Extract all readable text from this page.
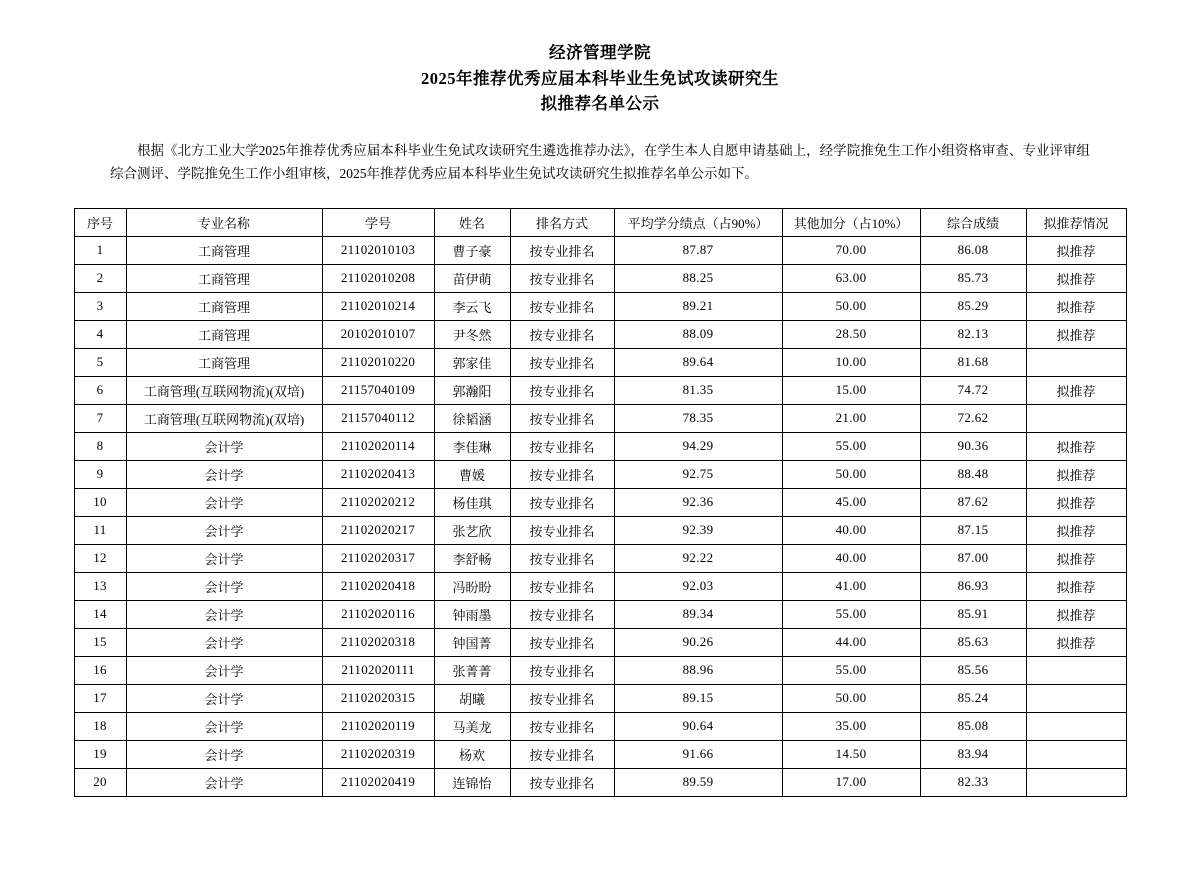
经济管理学院
2025年推荐优秀应届本科毕业生免试攻读研究生
拟推荐名单公示
根据《北方工业大学2025年推荐优秀应届本科毕业生免试攻读研究生遴选推荐办法》，在学生本人自愿申请基础上，经学院推免生工作小组资格审查、专业评审组综合测评、学院推免生工作小组审核，2025年推荐优秀应届本科毕业生免试攻读研究生拟推荐名单公示如下。
序号	专业名称	学号	姓名	排名方式	平均学分绩点（占90%）	其他加分（占10%）	综合成绩	拟推荐情况
1	工商管理	21102010103	曹子豪	按专业排名	87.87	70.00	86.08	拟推荐
2	工商管理	21102010208	苗伊萌	按专业排名	88.25	63.00	85.73	拟推荐
3	工商管理	21102010214	李云飞	按专业排名	89.21	50.00	85.29	拟推荐
4	工商管理	20102010107	尹冬然	按专业排名	88.09	28.50	82.13	拟推荐
5	工商管理	21102010220	郭家佳	按专业排名	89.64	10.00	81.68	
6	工商管理(互联网物流)(双培)	21157040109	郭瀚阳	按专业排名	81.35	15.00	74.72	拟推荐
7	工商管理(互联网物流)(双培)	21157040112	徐韬涵	按专业排名	78.35	21.00	72.62	
8	会计学	21102020114	李佳琳	按专业排名	94.29	55.00	90.36	拟推荐
9	会计学	21102020413	曹媛	按专业排名	92.75	50.00	88.48	拟推荐
10	会计学	21102020212	杨佳琪	按专业排名	92.36	45.00	87.62	拟推荐
11	会计学	21102020217	张艺欣	按专业排名	92.39	40.00	87.15	拟推荐
12	会计学	21102020317	李舒畅	按专业排名	92.22	40.00	87.00	拟推荐
13	会计学	21102020418	冯盼盼	按专业排名	92.03	41.00	86.93	拟推荐
14	会计学	21102020116	钟雨墨	按专业排名	89.34	55.00	85.91	拟推荐
15	会计学	21102020318	钟国菁	按专业排名	90.26	44.00	85.63	拟推荐
16	会计学	21102020111	张菁菁	按专业排名	88.96	55.00	85.56	
17	会计学	21102020315	胡曦	按专业排名	89.15	50.00	85.24	
18	会计学	21102020119	马美龙	按专业排名	90.64	35.00	85.08	
19	会计学	21102020319	杨欢	按专业排名	91.66	14.50	83.94	
20	会计学	21102020419	连锦怡	按专业排名	89.59	17.00	82.33	
